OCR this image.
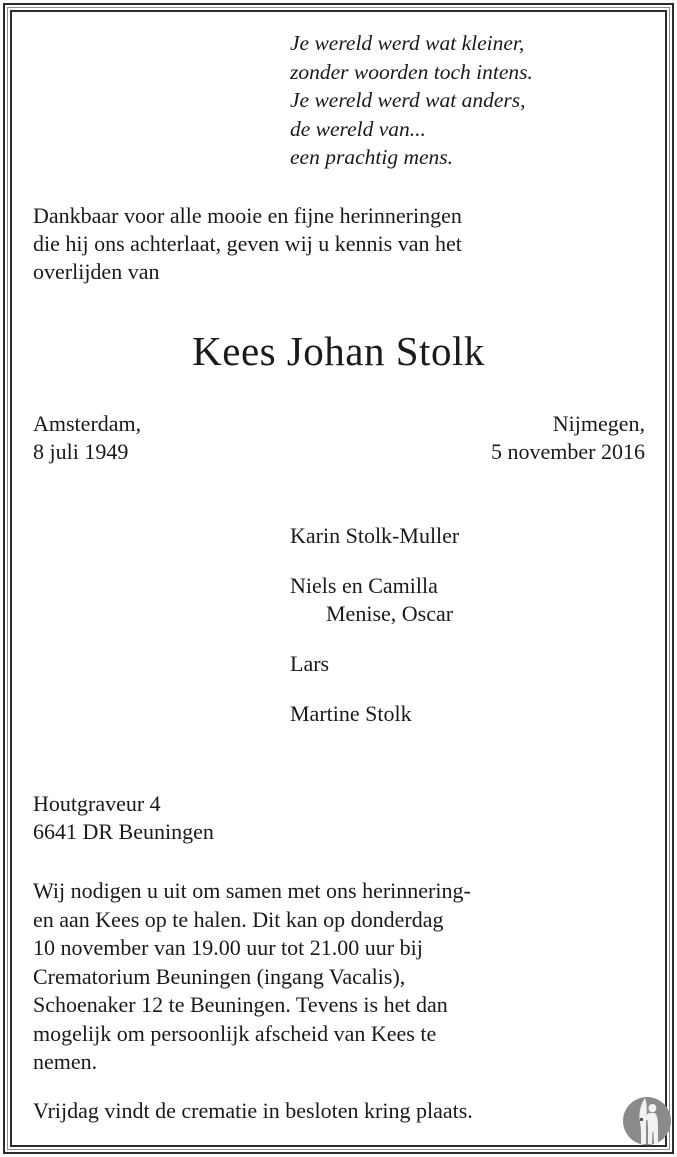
Je wereld werd wat kleiner,
zonder woorden toch intens.
Je wereld werd wat anders,
de wereld van...
een prachtig mens.
Dankbaar voor alle mooie en fijne herinneringen
die hij ons achterlaat, geven wij u kennis van het
overlijden van
Kees Johan Stolk
Amsterdam,
8 juli 1949
Nijmegen,
5 november 2016
Karin Stolk-Muller
Niels en Camilla
Menise, Oscar
Lars
Martine Stolk
Houtgraveur 4
6641 DR Beuningen
Wij nodigen u uit om samen met ons herinnering-
en aan Kees op te halen. Dit kan op donderdag
10 november van 19.00 uur tot 21.00 uur bij
Crematorium Beuningen (ingang Vacalis),
Schoenaker 12 te Beuningen. Tevens is het dan
mogelijk om persoonlijk afscheid van Kees te
nemen.
Vrijdag vindt de crematie in besloten kring plaats.
